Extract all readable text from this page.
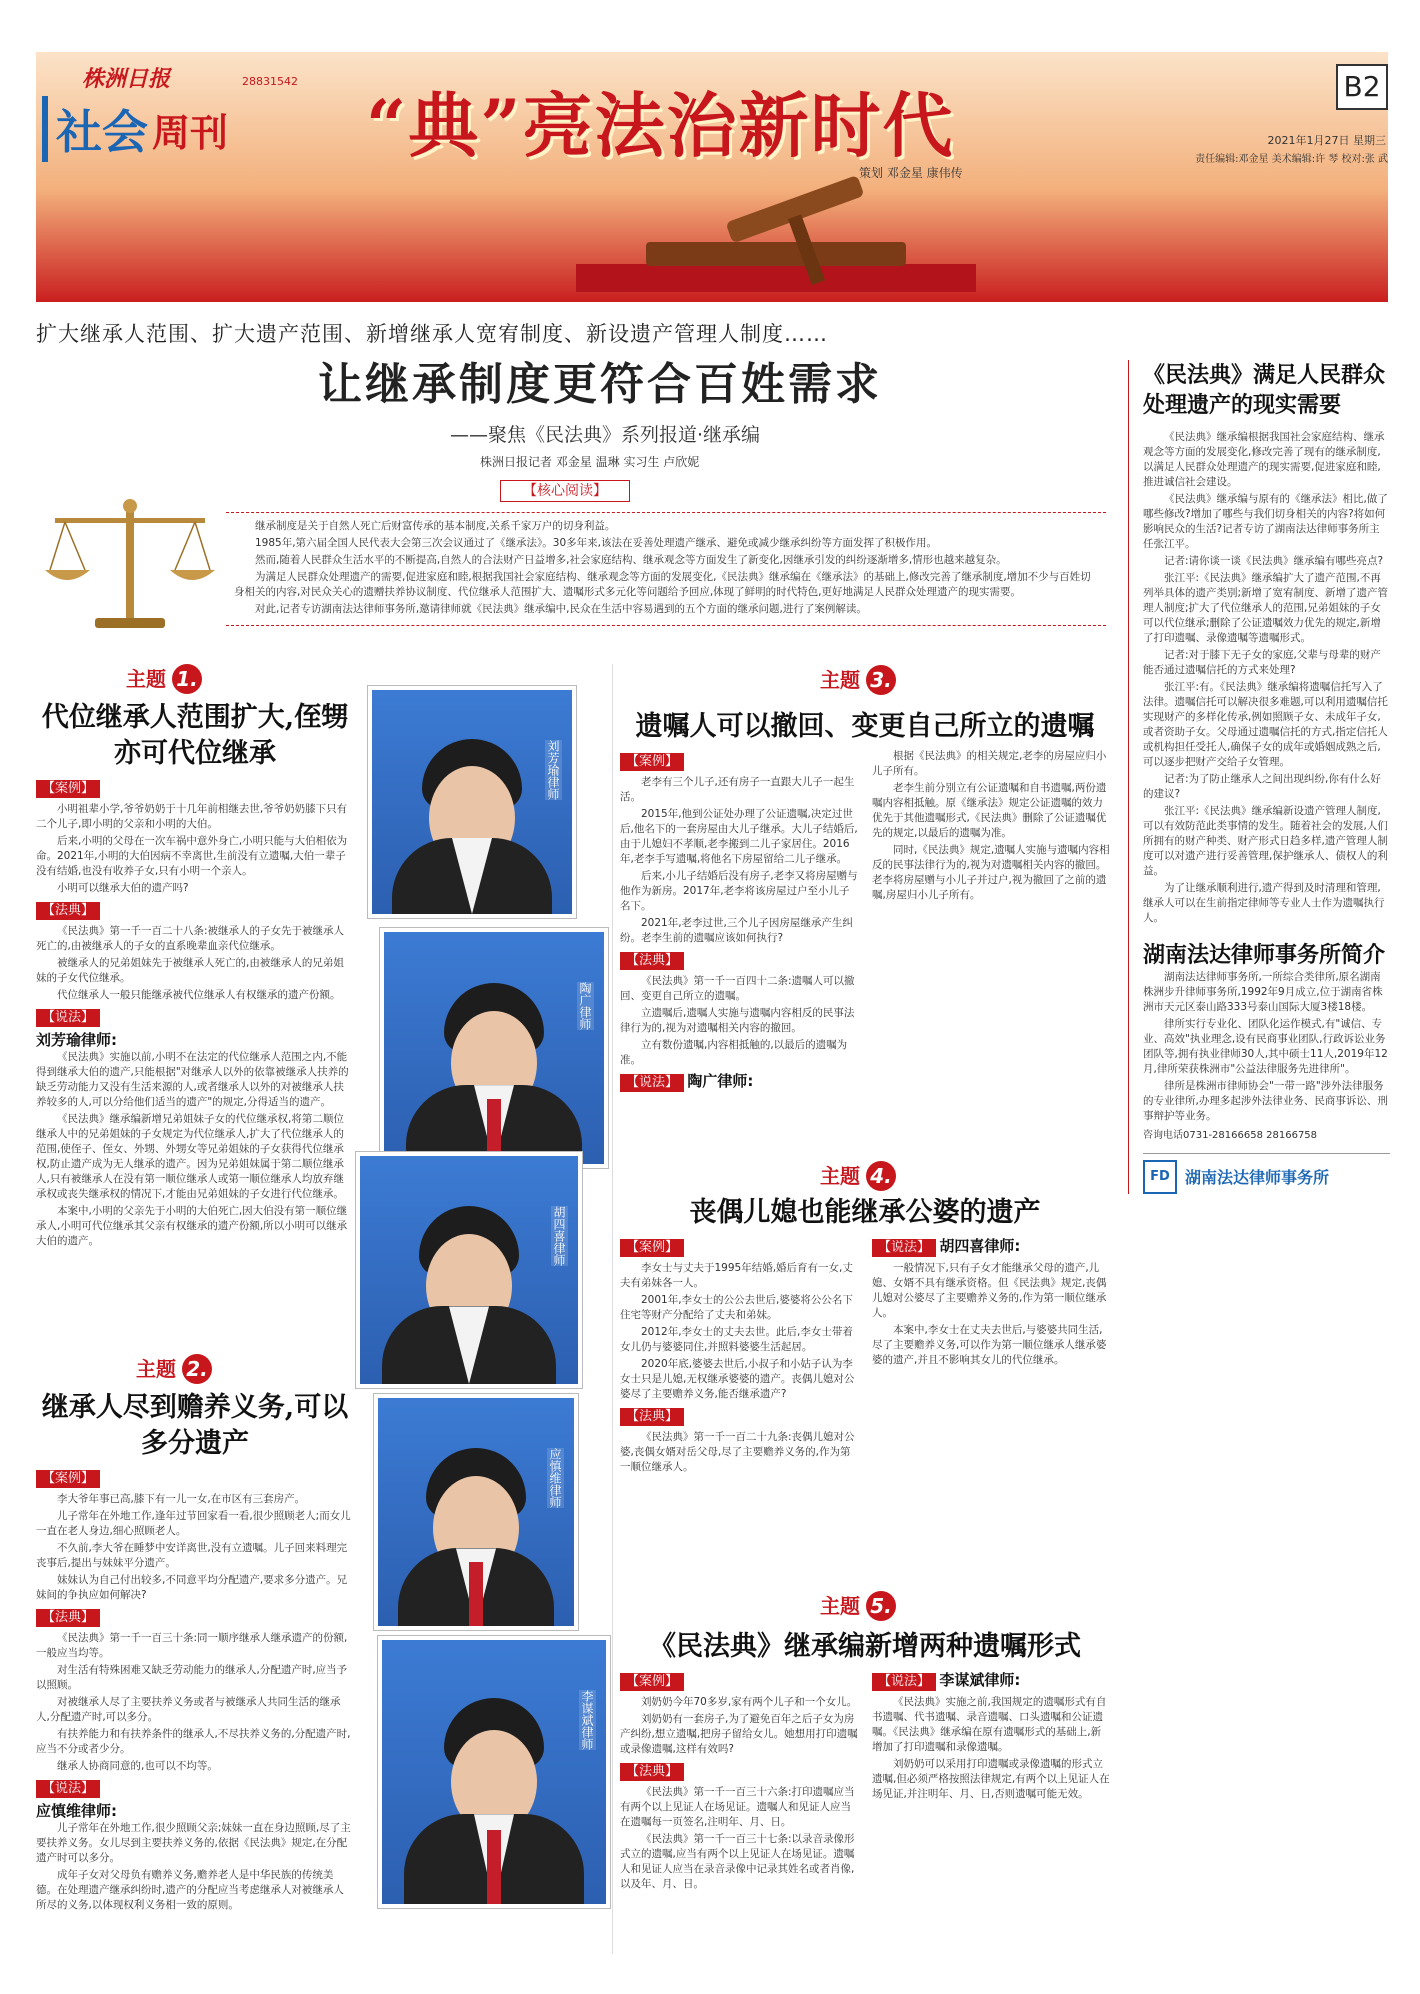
株洲日报	28831542
社会 周刊 “典”亮法治新时代
策划 邓金星 康伟传
B2
2021年1月27日 星期三
责任编辑:邓金星 美术编辑:许 琴 校对:张 武
扩大继承人范围、扩大遗产范围、新增继承人宽宥制度、新设遗产管理人制度……
让继承制度更符合百姓需求
——聚焦《民法典》系列报道·继承编
株洲日报记者 邓金星 温琳 实习生 卢欣妮
【核心阅读】

继承制度是关于自然人死亡后财富传承的基本制度,关系千家万户的切身利益。

1985年,第六届全国人民代表大会第三次会议通过了《继承法》。30多年来,该法在妥善处理遗产继承、避免或减少继承纠纷等方面发挥了积极作用。

然而,随着人民群众生活水平的不断提高,自然人的合法财产日益增多,社会家庭结构、继承观念等方面发生了新变化,因继承引发的纠纷逐渐增多,情形也越来越复杂。

为满足人民群众处理遗产的需要,促进家庭和睦,根据我国社会家庭结构、继承观念等方面的发展变化,《民法典》继承编在《继承法》的基础上,修改完善了继承制度,增加不少与百姓切身相关的内容,对民众关心的遗赠扶养协议制度、代位继承人范围扩大、遗嘱形式多元化等问题给予回应,体现了鲜明的时代特色,更好地满足人民群众处理遗产的现实需要。

对此,记者专访湖南法达律师事务所,邀请律师就《民法典》继承编中,民众在生活中容易遇到的五个方面的继承问题,进行了案例解读。

主题 1.
代位继承人范围扩大,侄甥亦可代位继承
【案例】

小明祖辈小学,爷爷奶奶于十几年前相继去世,爷爷奶奶膝下只有二个儿子,即小明的父亲和小明的大伯。

后来,小明的父母在一次车祸中意外身亡,小明只能与大伯相依为命。2021年,小明的大伯因病不幸离世,生前没有立遗嘱,大伯一辈子没有结婚,也没有收养子女,只有小明一个亲人。

小明可以继承大伯的遗产吗?

【法典】

《民法典》第一千一百二十八条:被继承人的子女先于被继承人死亡的,由被继承人的子女的直系晚辈血亲代位继承。

被继承人的兄弟姐妹先于被继承人死亡的,由被继承人的兄弟姐妹的子女代位继承。

代位继承人一般只能继承被代位继承人有权继承的遗产份额。

【说法】
刘芳瑜律师:

《民法典》实施以前,小明不在法定的代位继承人范围之内,不能得到继承大伯的遗产,只能根据"对继承人以外的依靠被继承人扶养的缺乏劳动能力又没有生活来源的人,或者继承人以外的对被继承人扶养较多的人,可以分给他们适当的遗产"的规定,分得适当的遗产。

《民法典》继承编新增兄弟姐妹子女的代位继承权,将第二顺位继承人中的兄弟姐妹的子女规定为代位继承人,扩大了代位继承人的范围,使侄子、侄女、外甥、外甥女等兄弟姐妹的子女获得代位继承权,防止遗产成为无人继承的遗产。因为兄弟姐妹属于第二顺位继承人,只有被继承人在没有第一顺位继承人或第一顺位继承人均放弃继承权或丧失继承权的情况下,才能由兄弟姐妹的子女进行代位继承。

本案中,小明的父亲先于小明的大伯死亡,因大伯没有第一顺位继承人,小明可代位继承其父亲有权继承的遗产份额,所以小明可以继承大伯的遗产。

主题 2.
继承人尽到赡养义务,可以多分遗产
【案例】

李大爷年事已高,膝下有一儿一女,在市区有三套房产。

儿子常年在外地工作,逢年过节回家看一看,很少照顾老人;而女儿一直在老人身边,细心照顾老人。

不久前,李大爷在睡梦中安详离世,没有立遗嘱。儿子回来料理完丧事后,提出与妹妹平分遗产。

妹妹认为自己付出较多,不同意平均分配遗产,要求多分遗产。兄妹间的争执应如何解决?

【法典】

《民法典》第一千一百三十条:同一顺序继承人继承遗产的份额,一般应当均等。

对生活有特殊困难又缺乏劳动能力的继承人,分配遗产时,应当予以照顾。

对被继承人尽了主要扶养义务或者与被继承人共同生活的继承人,分配遗产时,可以多分。

有扶养能力和有扶养条件的继承人,不尽扶养义务的,分配遗产时,应当不分或者少分。

继承人协商同意的,也可以不均等。

【说法】
应慎维律师:

儿子常年在外地工作,很少照顾父亲;妹妹一直在身边照顾,尽了主要扶养义务。女儿尽到主要扶养义务的,依据《民法典》规定,在分配遗产时可以多分。

成年子女对父母负有赡养义务,赡养老人是中华民族的传统美德。在处理遗产继承纠纷时,遗产的分配应当考虑继承人对被继承人所尽的义务,以体现权利义务相一致的原则。

刘芳瑜律师
陶广律师
胡四喜律师
应慎维律师
李谋斌律师
主题 3.
遗嘱人可以撤回、变更自己所立的遗嘱
【案例】

老李有三个儿子,还有房子一直跟大儿子一起生活。

2015年,他到公证处办理了公证遗嘱,决定过世后,他名下的一套房屋由大儿子继承。大儿子结婚后,由于儿媳妇不孝顺,老李搬到二儿子家居住。2016年,老李手写遗嘱,将他名下房屋留给二儿子继承。

后来,小儿子结婚后没有房子,老李又将房屋赠与他作为新房。2017年,老李将该房屋过户至小儿子名下。

2021年,老李过世,三个儿子因房屋继承产生纠纷。老李生前的遗嘱应该如何执行?

【法典】

《民法典》第一千一百四十二条:遗嘱人可以撤回、变更自己所立的遗嘱。

立遗嘱后,遗嘱人实施与遗嘱内容相反的民事法律行为的,视为对遗嘱相关内容的撤回。

立有数份遗嘱,内容相抵触的,以最后的遗嘱为准。

【说法】 陶广律师:

根据《民法典》的相关规定,老李的房屋应归小儿子所有。

老李生前分别立有公证遗嘱和自书遗嘱,两份遗嘱内容相抵触。原《继承法》规定公证遗嘱的效力优先于其他遗嘱形式,《民法典》删除了公证遗嘱优先的规定,以最后的遗嘱为准。

同时,《民法典》规定,遗嘱人实施与遗嘱内容相反的民事法律行为的,视为对遗嘱相关内容的撤回。老李将房屋赠与小儿子并过户,视为撤回了之前的遗嘱,房屋归小儿子所有。

主题 4.
丧偶儿媳也能继承公婆的遗产
【案例】

李女士与丈夫于1995年结婚,婚后育有一女,丈夫有弟妹各一人。

2001年,李女士的公公去世后,婆婆将公公名下住宅等财产分配给了丈夫和弟妹。

2012年,李女士的丈夫去世。此后,李女士带着女儿仍与婆婆同住,并照料婆婆生活起居。

2020年底,婆婆去世后,小叔子和小姑子认为李女士只是儿媳,无权继承婆婆的遗产。丧偶儿媳对公婆尽了主要赡养义务,能否继承遗产?

【法典】

《民法典》第一千一百二十九条:丧偶儿媳对公婆,丧偶女婿对岳父母,尽了主要赡养义务的,作为第一顺位继承人。

【说法】 胡四喜律师:

一般情况下,只有子女才能继承父母的遗产,儿媳、女婿不具有继承资格。但《民法典》规定,丧偶儿媳对公婆尽了主要赡养义务的,作为第一顺位继承人。

本案中,李女士在丈夫去世后,与婆婆共同生活,尽了主要赡养义务,可以作为第一顺位继承人继承婆婆的遗产,并且不影响其女儿的代位继承。

主题 5.
《民法典》继承编新增两种遗嘱形式
【案例】

刘奶奶今年70多岁,家有两个儿子和一个女儿。

刘奶奶有一套房子,为了避免百年之后子女为房产纠纷,想立遗嘱,把房子留给女儿。她想用打印遗嘱或录像遗嘱,这样有效吗?

【法典】

《民法典》第一千一百三十六条:打印遗嘱应当有两个以上见证人在场见证。遗嘱人和见证人应当在遗嘱每一页签名,注明年、月、日。

《民法典》第一千一百三十七条:以录音录像形式立的遗嘱,应当有两个以上见证人在场见证。遗嘱人和见证人应当在录音录像中记录其姓名或者肖像,以及年、月、日。

【说法】 李谋斌律师:

《民法典》实施之前,我国规定的遗嘱形式有自书遗嘱、代书遗嘱、录音遗嘱、口头遗嘱和公证遗嘱。《民法典》继承编在原有遗嘱形式的基础上,新增加了打印遗嘱和录像遗嘱。

刘奶奶可以采用打印遗嘱或录像遗嘱的形式立遗嘱,但必须严格按照法律规定,有两个以上见证人在场见证,并注明年、月、日,否则遗嘱可能无效。

《民法典》满足人民群众处理遗产的现实需要

《民法典》继承编根据我国社会家庭结构、继承观念等方面的发展变化,修改完善了现有的继承制度,以满足人民群众处理遗产的现实需要,促进家庭和睦,推进诚信社会建设。

《民法典》继承编与原有的《继承法》相比,做了哪些修改?增加了哪些与我们切身相关的内容?将如何影响民众的生活?记者专访了湖南法达律师事务所主任张江平。

记者:请你谈一谈《民法典》继承编有哪些亮点?

张江平:《民法典》继承编扩大了遗产范围,不再列举具体的遗产类别;新增了宽宥制度、新增了遗产管理人制度;扩大了代位继承人的范围,兄弟姐妹的子女可以代位继承;删除了公证遗嘱效力优先的规定,新增了打印遗嘱、录像遗嘱等遗嘱形式。

记者:对于膝下无子女的家庭,父辈与母辈的财产能否通过遗嘱信托的方式来处理?

张江平:有。《民法典》继承编将遗嘱信托写入了法律。遗嘱信托可以解决很多难题,可以利用遗嘱信托实现财产的多样化传承,例如照顾子女、未成年子女,或者资助子女。父母通过遗嘱信托的方式,指定信托人或机构担任受托人,确保子女的成年或婚姻成熟之后,可以逐步把财产交给子女管理。

记者:为了防止继承人之间出现纠纷,你有什么好的建议?

张江平:《民法典》继承编新设遗产管理人制度,可以有效防范此类事情的发生。随着社会的发展,人们所拥有的财产种类、财产形式日趋多样,遗产管理人制度可以对遗产进行妥善管理,保护继承人、债权人的利益。

为了让继承顺利进行,遗产得到及时清理和管理,继承人可以在生前指定律师等专业人士作为遗嘱执行人。

湖南法达律师事务所简介

湖南法达律师事务所,一所综合类律所,原名湖南株洲步升律师事务所,1992年9月成立,位于湖南省株洲市天元区泰山路333号泰山国际大厦3楼18楼。

律所实行专业化、团队化运作模式,有"诚信、专业、高效"执业理念,设有民商事业团队,行政诉讼业务团队等,拥有执业律师30人,其中硕士11人,2019年12月,律所荣获株洲市"公益法律服务先进律所"。

律所是株洲市律师协会"一带一路"涉外法律服务的专业律所,办理多起涉外法律业务、民商事诉讼、刑事辩护等业务。

咨询电话0731-28166658 28166758
FD 湖南法达律师事务所
